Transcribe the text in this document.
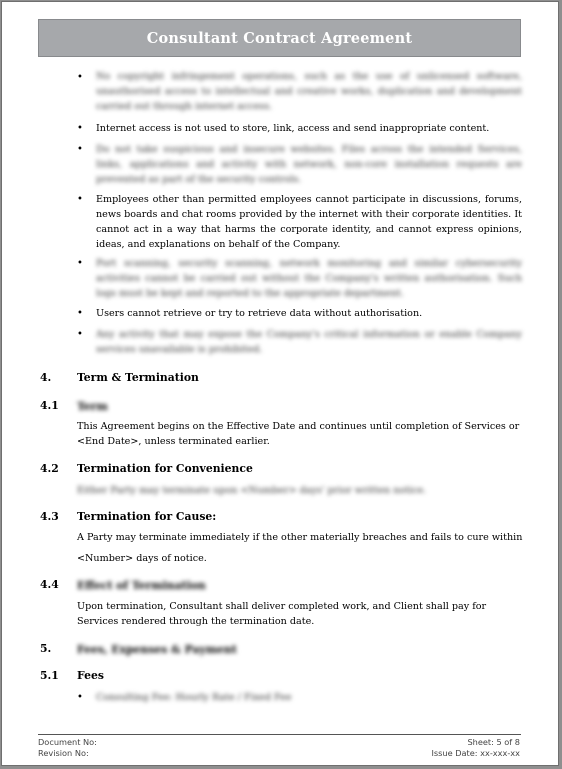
Consultant Contract Agreement
• No copyright infringement operations, such as the use of unlicensed software, unauthorised access to intellectual and creative works, duplication and development carried out through internet access.
• Internet access is not used to store, link, access and send inappropriate content.
• Do not take suspicious and insecure websites. Files across the intended Services, links, applications and activity with network, non-core installation requests are prevented as part of the security controls.
• Employees other than permitted employees cannot participate in discussions, forums, news boards and chat rooms provided by the internet with their corporate identities. It cannot act in a way that harms the corporate identity, and cannot express opinions, ideas, and explanations on behalf of the Company.
• Port scanning, security scanning, network monitoring and similar cybersecurity activities cannot be carried out without the Company's written authorisation. Such logs must be kept and reported to the appropriate department.
• Users cannot retrieve or try to retrieve data without authorisation.
• Any activity that may expose the Company's critical information or enable Company services unavailable is prohibited.
4. Term & Termination
4.1 Term
This Agreement begins on the Effective Date and continues until completion of Services or <End Date>, unless terminated earlier.
4.2 Termination for Convenience
Either Party may terminate upon <Number> days' prior written notice.
4.3 Termination for Cause:
A Party may terminate immediately if the other materially breaches and fails to cure within
<Number> days of notice.
4.4 Effect of Termination
Upon termination, Consultant shall deliver completed work, and Client shall pay for Services rendered through the termination date.
5. Fees, Expenses & Payment
5.1 Fees
• Consulting Fee: Hourly Rate / Fixed Fee
Document No:
Revision No:
Sheet: 5 of 8
Issue Date: xx-xxx-xx
